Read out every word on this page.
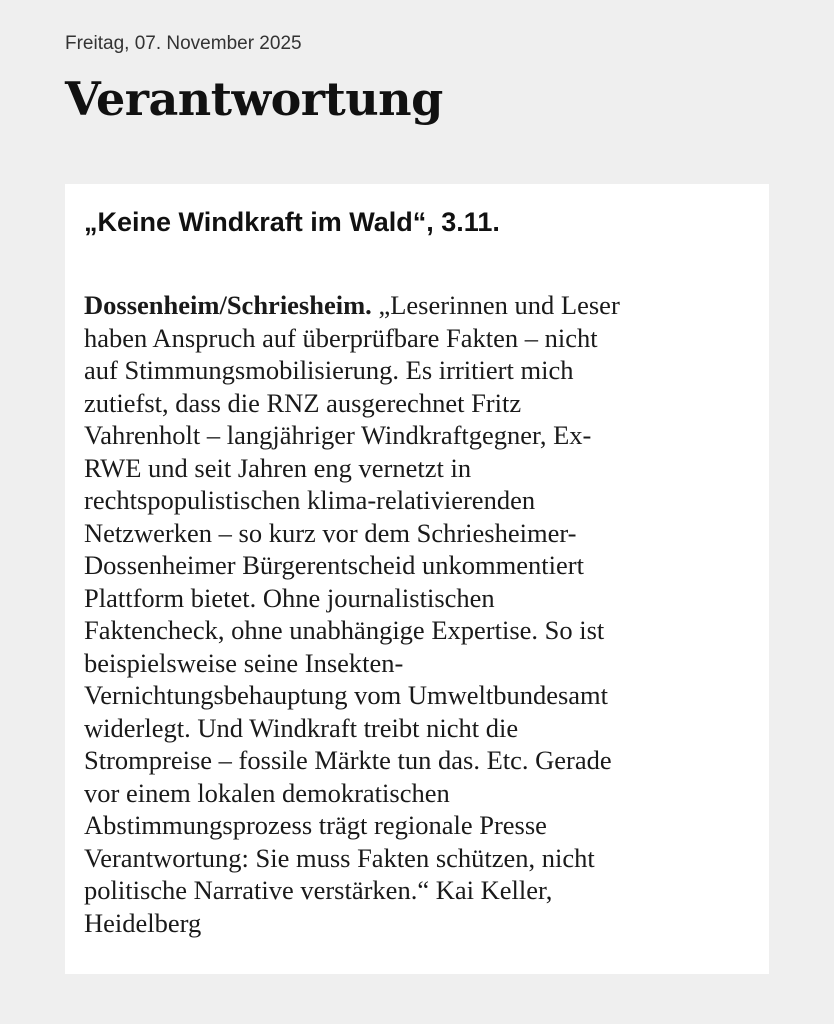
Freitag, 07. November 2025
Verantwortung
„Keine Windkraft im Wald“, 3.11.

Dossenheim/Schriesheim. „Leserinnen und Leser
haben Anspruch auf überprüfbare Fakten – nicht
auf Stimmungsmobilisierung. Es irritiert mich
zutiefst, dass die RNZ ausgerechnet Fritz
Vahrenholt – langjähriger Windkraftgegner, Ex-
RWE und seit Jahren eng vernetzt in
rechtspopulistischen klima-relativierenden
Netzwerken – so kurz vor dem Schriesheimer-
Dossenheimer Bürgerentscheid unkommentiert
Plattform bietet. Ohne journalistischen
Faktencheck, ohne unabhängige Expertise. So ist
beispielsweise seine Insekten-
Vernichtungsbehauptung vom Umweltbundesamt
widerlegt. Und Windkraft treibt nicht die
Strompreise – fossile Märkte tun das. Etc. Gerade
vor einem lokalen demokratischen
Abstimmungsprozess trägt regionale Presse
Verantwortung: Sie muss Fakten schützen, nicht
politische Narrative verstärken.“ Kai Keller,
Heidelberg
